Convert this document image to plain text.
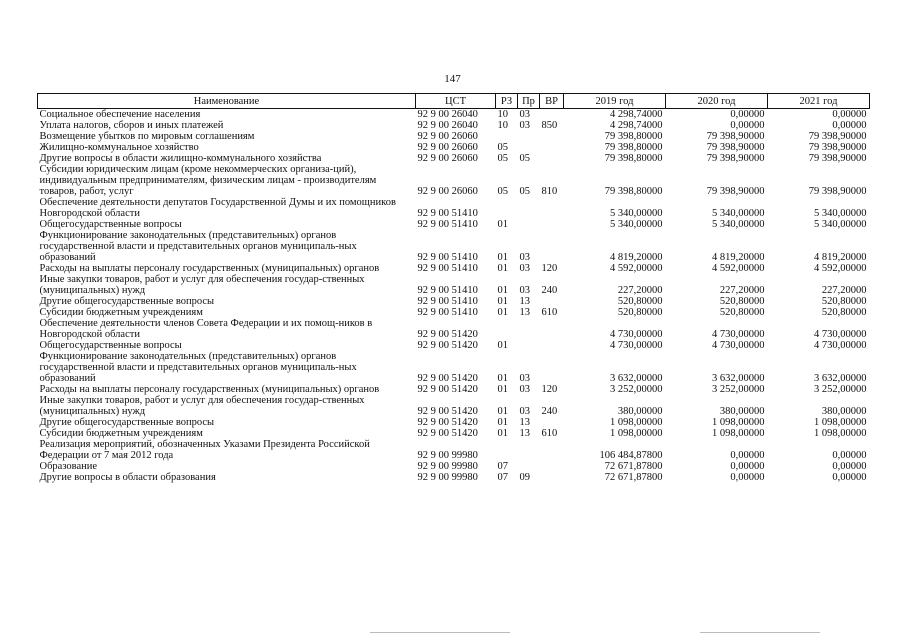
147
Наименование	ЦСТ	РЗ	Пр	ВР	2019 год	2020 год	2021 год
Социальное обеспечение населения	92 9 00 26040	10	03		4 298,74000	0,00000	0,00000
Уплата налогов, сборов и иных платежей	92 9 00 26040	10	03	850	4 298,74000	0,00000	0,00000
Возмещение убытков по мировым соглашениям	92 9 00 26060				79 398,80000	79 398,90000	79 398,90000
Жилищно-коммунальное хозяйство	92 9 00 26060	05			79 398,80000	79 398,90000	79 398,90000
Другие вопросы в области жилищно-коммунального хозяйства	92 9 00 26060	05	05		79 398,80000	79 398,90000	79 398,90000
Субсидии юридическим лицам (кроме некоммерческих организа-ций), индивидуальным предпринимателям, физическим лицам - производителям товаров, работ, услуг	92 9 00 26060	05	05	810	79 398,80000	79 398,90000	79 398,90000
Обеспечение деятельности депутатов Государственной Думы и их помощников Новгородской области	92 9 00 51410				5 340,00000	5 340,00000	5 340,00000
Общегосударственные вопросы	92 9 00 51410	01			5 340,00000	5 340,00000	5 340,00000
Функционирование законодательных (представительных) органов государственной власти и представительных органов муниципаль-ных образований	92 9 00 51410	01	03		4 819,20000	4 819,20000	4 819,20000
Расходы на выплаты персоналу государственных (муниципальных) органов	92 9 00 51410	01	03	120	4 592,00000	4 592,00000	4 592,00000
Иные закупки товаров, работ и услуг для обеспечения государ-ственных (муниципальных) нужд	92 9 00 51410	01	03	240	227,20000	227,20000	227,20000
Другие общегосударственные вопросы	92 9 00 51410	01	13		520,80000	520,80000	520,80000
Субсидии бюджетным учреждениям	92 9 00 51410	01	13	610	520,80000	520,80000	520,80000
Обеспечение деятельности членов Совета Федерации и их помощ-ников в Новгородской области	92 9 00 51420				4 730,00000	4 730,00000	4 730,00000
Общегосударственные вопросы	92 9 00 51420	01			4 730,00000	4 730,00000	4 730,00000
Функционирование законодательных (представительных) органов государственной власти и представительных органов муниципаль-ных образований	92 9 00 51420	01	03		3 632,00000	3 632,00000	3 632,00000
Расходы на выплаты персоналу государственных (муниципальных) органов	92 9 00 51420	01	03	120	3 252,00000	3 252,00000	3 252,00000
Иные закупки товаров, работ и услуг для обеспечения государ-ственных (муниципальных) нужд	92 9 00 51420	01	03	240	380,00000	380,00000	380,00000
Другие общегосударственные вопросы	92 9 00 51420	01	13		1 098,00000	1 098,00000	1 098,00000
Субсидии бюджетным учреждениям	92 9 00 51420	01	13	610	1 098,00000	1 098,00000	1 098,00000
Реализация мероприятий, обозначенных Указами Президента Российской Федерации от 7 мая 2012 года	92 9 00 99980				106 484,87800	0,00000	0,00000
Образование	92 9 00 99980	07			72 671,87800	0,00000	0,00000
Другие вопросы в области образования	92 9 00 99980	07	09		72 671,87800	0,00000	0,00000
